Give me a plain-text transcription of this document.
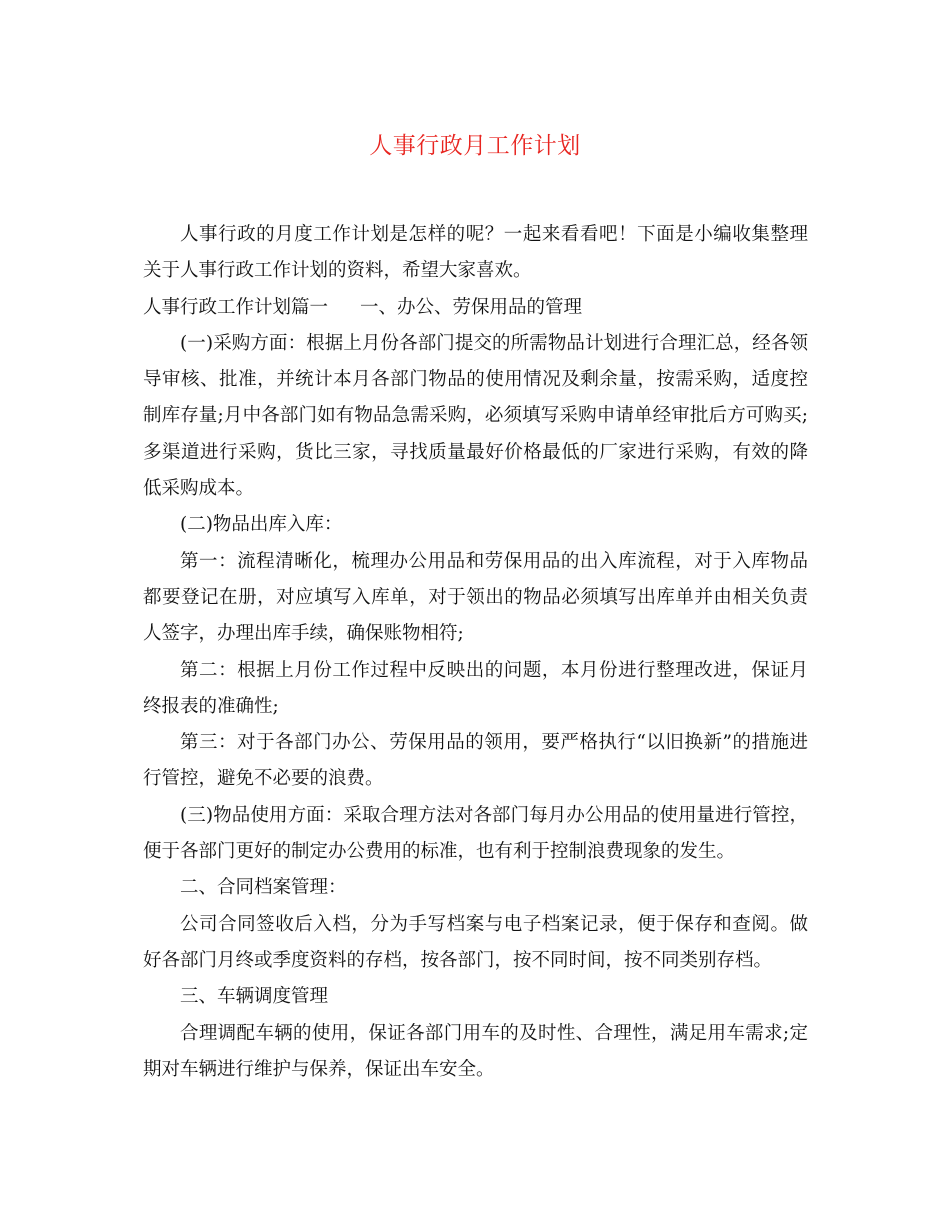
人事行政月工作计划

人事行政的月度工作计划是怎样的呢？一起来看看吧！下面是小编收集整理关于人事行政工作计划的资料，希望大家喜欢。

人事行政工作计划篇一 一、办公、劳保用品的管理

(一)采购方面：根据上月份各部门提交的所需物品计划进行合理汇总，经各领导审核、批准，并统计本月各部门物品的使用情况及剩余量，按需采购，适度控制库存量;月中各部门如有物品急需采购，必须填写采购申请单经审批后方可购买;多渠道进行采购，货比三家，寻找质量最好价格最低的厂家进行采购，有效的降低采购成本。

(二)物品出库入库：

第一：流程清晰化，梳理办公用品和劳保用品的出入库流程，对于入库物品都要登记在册，对应填写入库单，对于领出的物品必须填写出库单并由相关负责人签字，办理出库手续，确保账物相符;

第二：根据上月份工作过程中反映出的问题，本月份进行整理改进，保证月终报表的准确性;

第三：对于各部门办公、劳保用品的领用，要严格执行“以旧换新”的措施进行管控，避免不必要的浪费。

(三)物品使用方面：采取合理方法对各部门每月办公用品的使用量进行管控，便于各部门更好的制定办公费用的标准，也有利于控制浪费现象的发生。

二、合同档案管理：

公司合同签收后入档，分为手写档案与电子档案记录，便于保存和查阅。做好各部门月终或季度资料的存档，按各部门，按不同时间，按不同类别存档。

三、车辆调度管理

合理调配车辆的使用，保证各部门用车的及时性、合理性，满足用车需求;定期对车辆进行维护与保养，保证出车安全。
